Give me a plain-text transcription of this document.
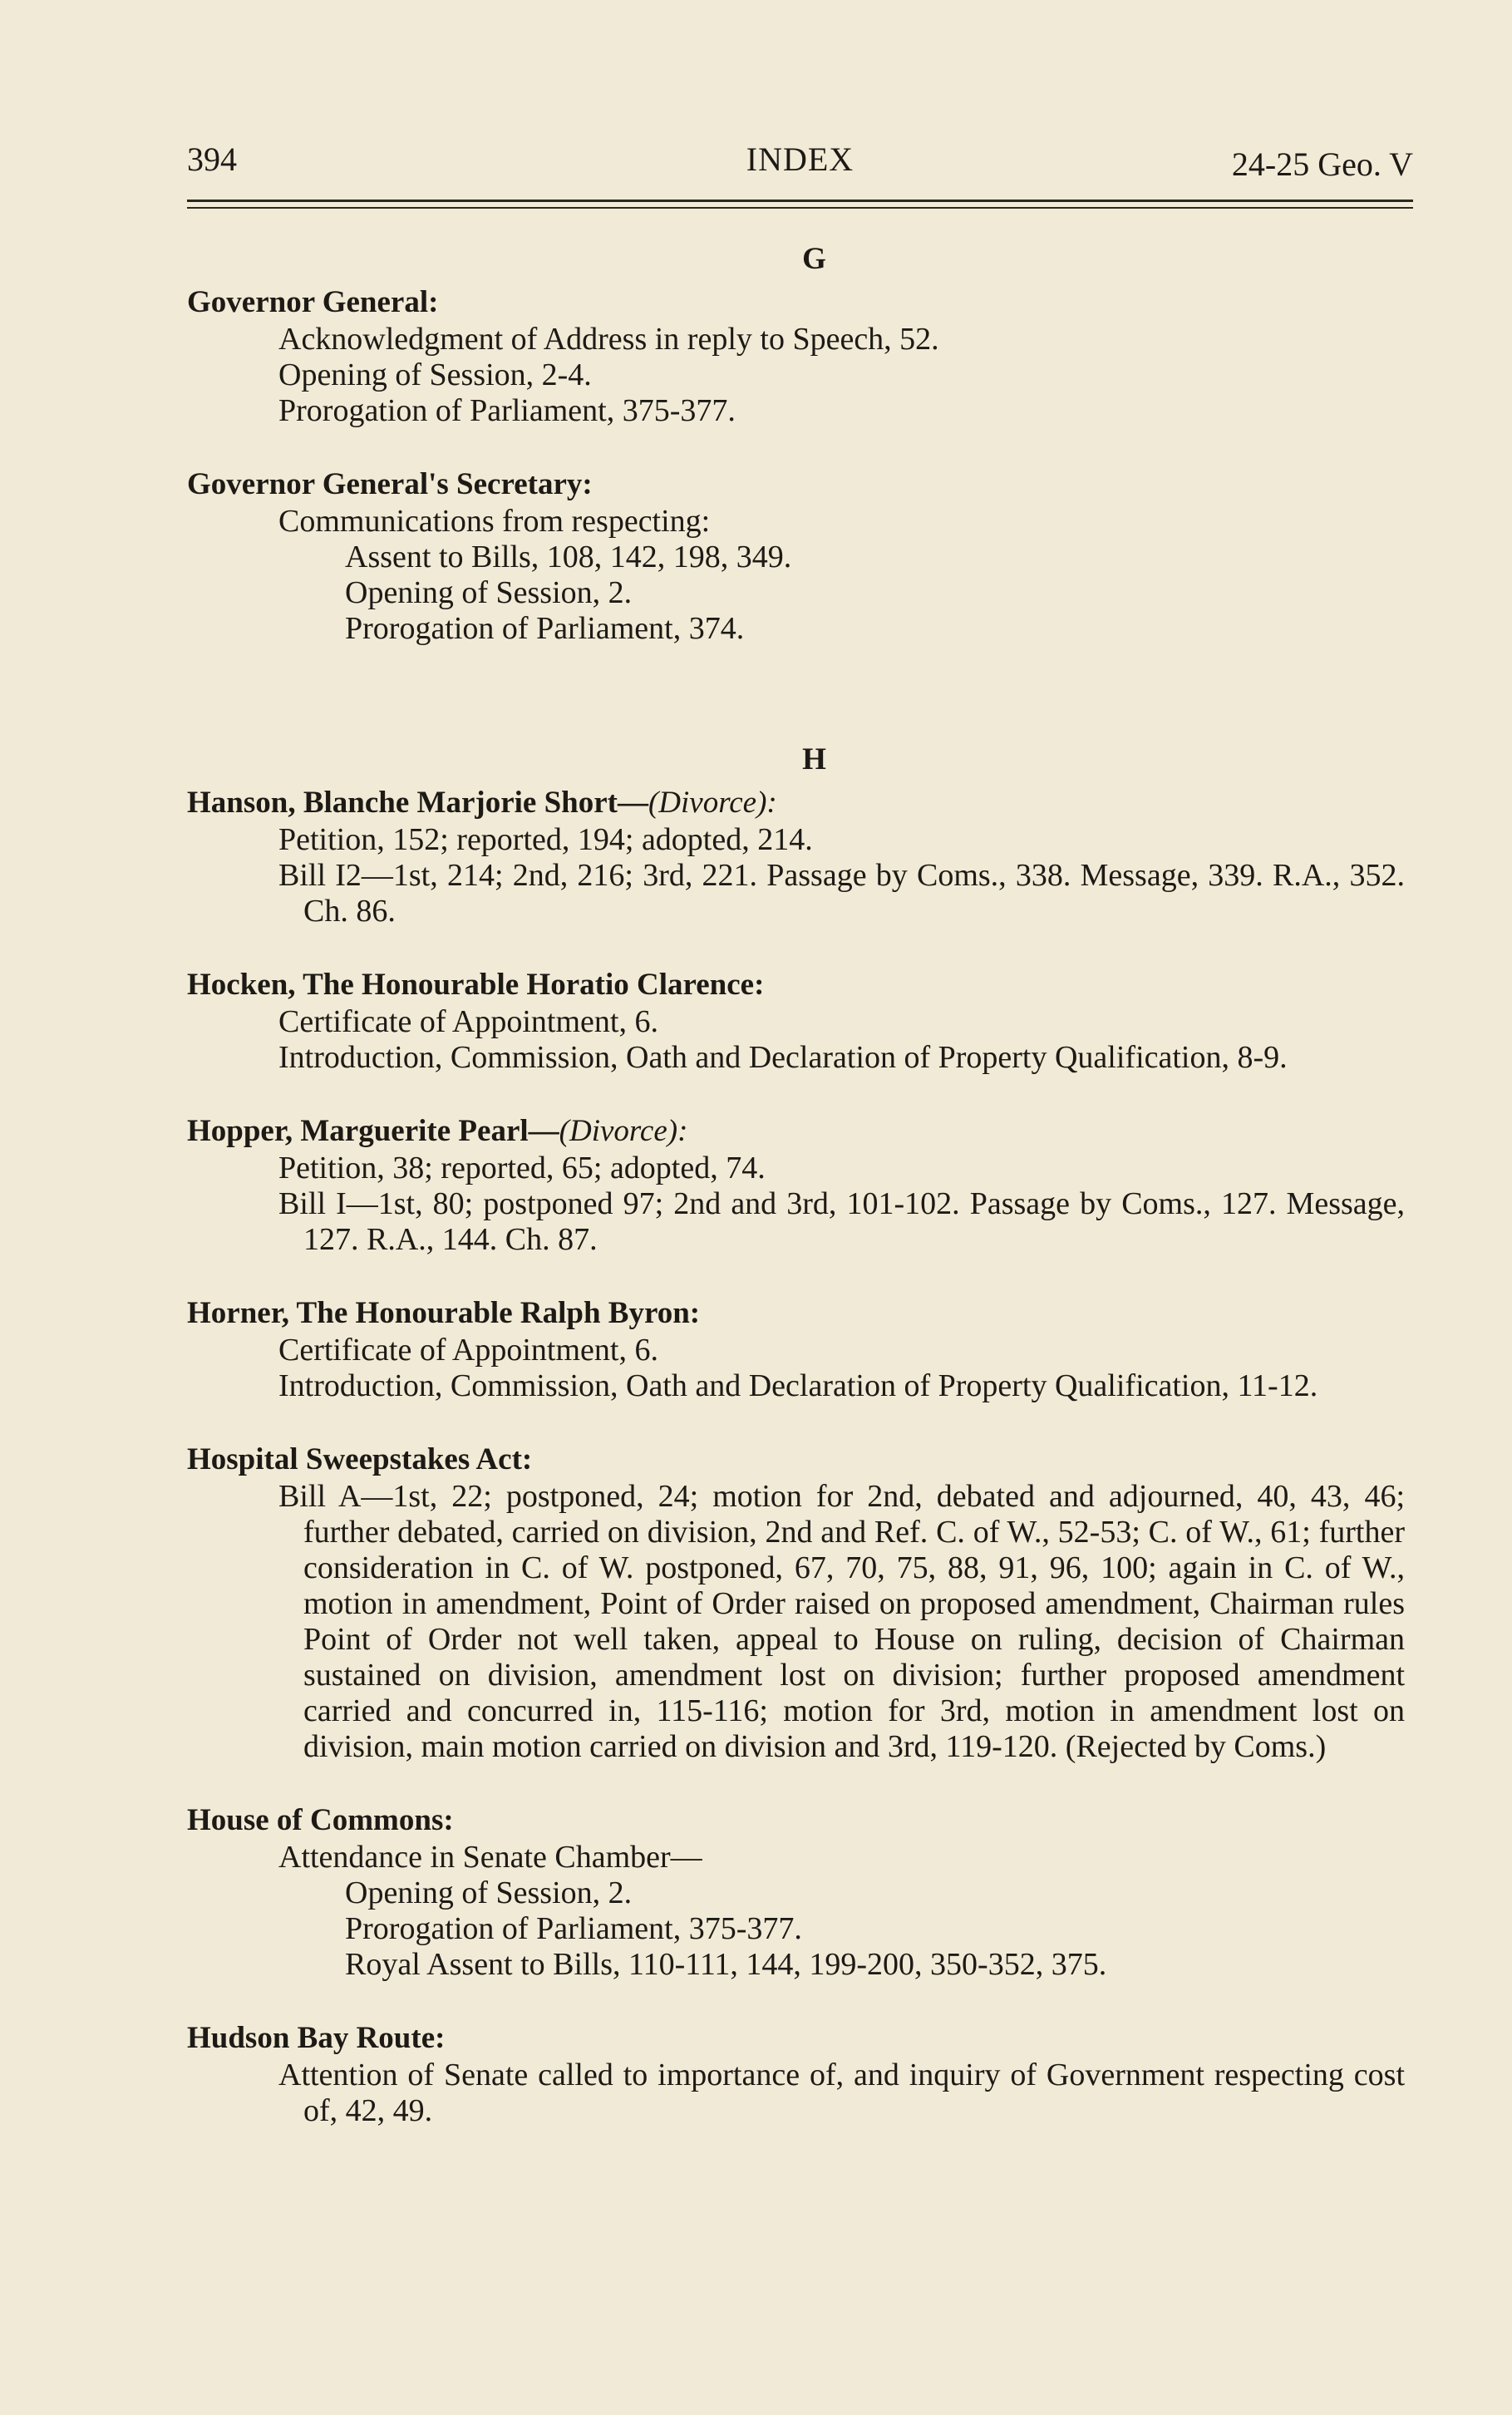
394	INDEX	24-25 Geo. V
G
Governor General:
Acknowledgment of Address in reply to Speech, 52.
Opening of Session, 2-4.
Prorogation of Parliament, 375-377.
Governor General's Secretary:
Communications from respecting:
Assent to Bills, 108, 142, 198, 349.
Opening of Session, 2.
Prorogation of Parliament, 374.
H
Hanson, Blanche Marjorie Short—(Divorce):
Petition, 152; reported, 194; adopted, 214.
Bill I2—1st, 214; 2nd, 216; 3rd, 221. Passage by Coms., 338. Message, 339. R.A., 352. Ch. 86.
Hocken, The Honourable Horatio Clarence:
Certificate of Appointment, 6.
Introduction, Commission, Oath and Declaration of Property Qualification, 8-9.
Hopper, Marguerite Pearl—(Divorce):
Petition, 38; reported, 65; adopted, 74.
Bill I—1st, 80; postponed 97; 2nd and 3rd, 101-102. Passage by Coms., 127. Message, 127. R.A., 144. Ch. 87.
Horner, The Honourable Ralph Byron:
Certificate of Appointment, 6.
Introduction, Commission, Oath and Declaration of Property Qualification, 11-12.
Hospital Sweepstakes Act:
Bill A—1st, 22; postponed, 24; motion for 2nd, debated and adjourned, 40, 43, 46; further debated, carried on division, 2nd and Ref. C. of W., 52-53; C. of W., 61; further consideration in C. of W. postponed, 67, 70, 75, 88, 91, 96, 100; again in C. of W., motion in amendment, Point of Order raised on proposed amendment, Chairman rules Point of Order not well taken, appeal to House on ruling, decision of Chairman sustained on division, amendment lost on division; further proposed amendment carried and concurred in, 115-116; motion for 3rd, motion in amendment lost on division, main motion carried on division and 3rd, 119-120. (Rejected by Coms.)
House of Commons:
Attendance in Senate Chamber—
Opening of Session, 2.
Prorogation of Parliament, 375-377.
Royal Assent to Bills, 110-111, 144, 199-200, 350-352, 375.
Hudson Bay Route:
Attention of Senate called to importance of, and inquiry of Government respecting cost of, 42, 49.
